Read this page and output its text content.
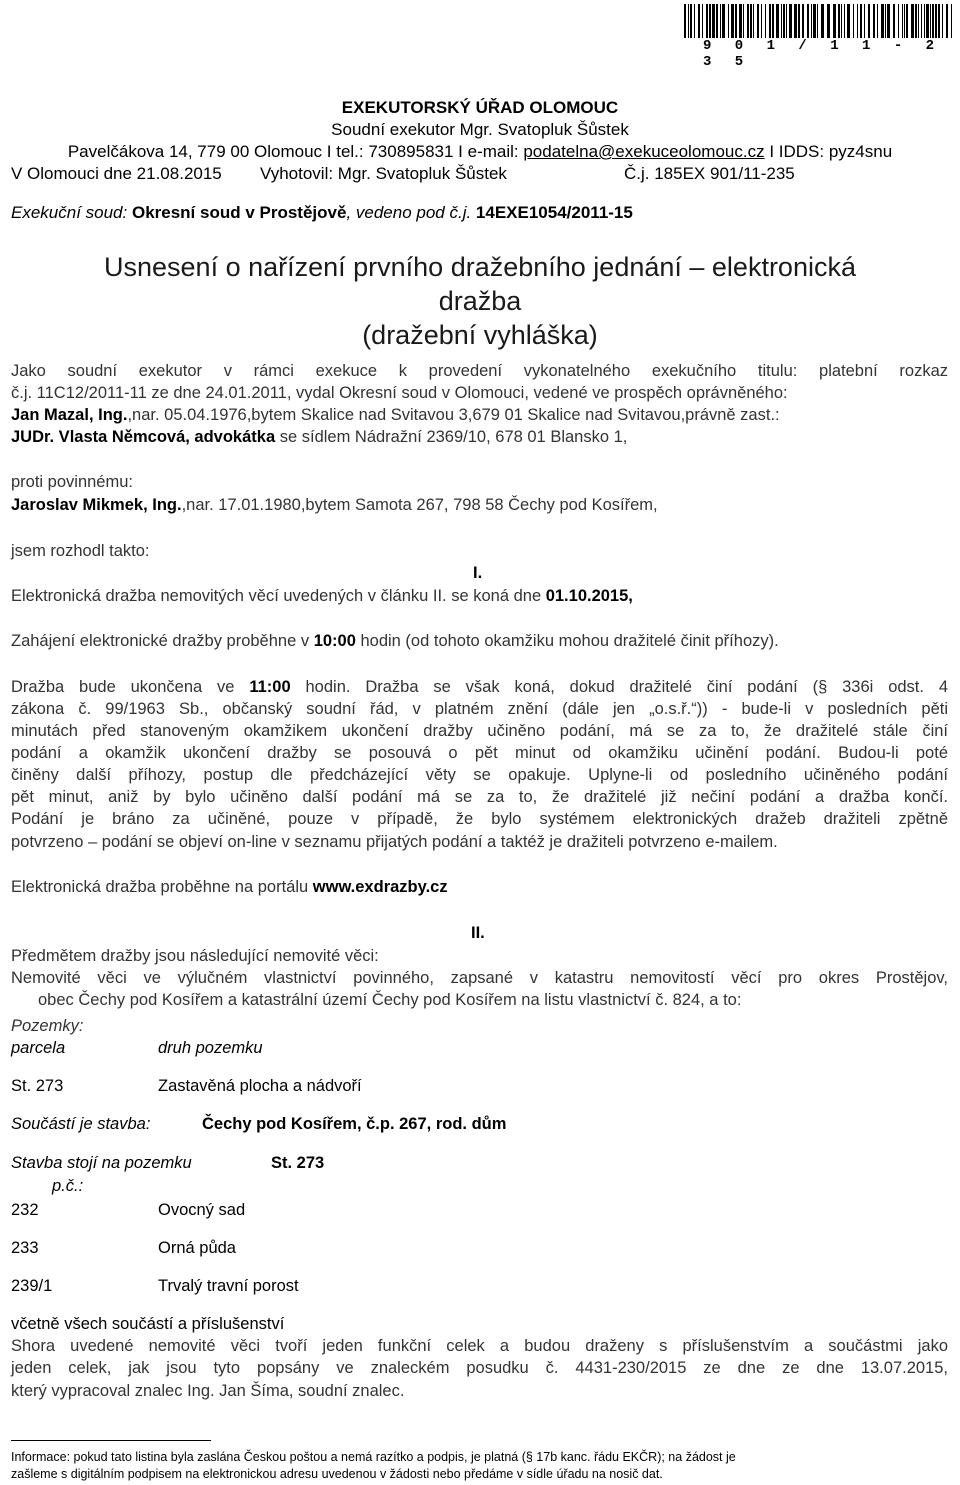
9 0 1 / 1 1 - 2 3 5
EXEKUTORSKÝ ÚŘAD OLOMOUC
Soudní exekutor Mgr. Svatopluk Šůstek
Pavelčákova 14, 779 00 Olomouc I tel.: 730895831 I e-mail: podatelna@exekuceolomouc.cz I IDDS: pyz4snu
V Olomouci dne 21.08.2015 Vyhotovil: Mgr. Svatopluk Šůstek	Č.j. 185EX 901/11-235
Exekuční soud: Okresní soud v Prostějově, vedeno pod č.j. 14EXE1054/2011-15
Usnesení o nařízení prvního dražebního jednání – elektronická
dražba
(dražební vyhláška)
Jako soudní exekutor v rámci exekuce k provedení vykonatelného exekučního titulu: platební rozkaz
č.j. 11C12/2011-11 ze dne 24.01.2011, vydal Okresní soud v Olomouci, vedené ve prospěch oprávněného:
Jan Mazal, Ing.,nar. 05.04.1976,bytem Skalice nad Svitavou 3,679 01 Skalice nad Svitavou,právně zast.:
JUDr. Vlasta Němcová, advokátka se sídlem Nádražní 2369/10, 678 01 Blansko 1,
proti povinnému:
Jaroslav Mikmek, Ing.,nar. 17.01.1980,bytem Samota 267, 798 58 Čechy pod Kosířem,
jsem rozhodl takto:
I.
Elektronická dražba nemovitých věcí uvedených v článku II. se koná dne 01.10.2015,
Zahájení elektronické dražby proběhne v 10:00 hodin (od tohoto okamžiku mohou dražitelé činit příhozy).
Dražba bude ukončena ve 11:00 hodin. Dražba se však koná, dokud dražitelé činí podání (§ 336i odst. 4
zákona č. 99/1963 Sb., občanský soudní řád, v platném znění (dále jen „o.s.ř.“)) - bude-li v posledních pěti
minutách před stanoveným okamžikem ukončení dražby učiněno podání, má se za to, že dražitelé stále činí
podání a okamžik ukončení dražby se posouvá o pět minut od okamžiku učinění podání. Budou-li poté
činěny další příhozy, postup dle předcházející věty se opakuje. Uplyne-li od posledního učiněného podání
pět minut, aniž by bylo učiněno další podání má se za to, že dražitelé již nečiní podání a dražba končí.
Podání je bráno za učiněné, pouze v případě, že bylo systémem elektronických dražeb dražiteli zpětně
potvrzeno – podání se objeví on-line v seznamu přijatých podání a taktéž je dražiteli potvrzeno e-mailem.
Elektronická dražba proběhne na portálu www.exdrazby.cz
II.
Předmětem dražby jsou následující nemovité věci:
Nemovité věci ve výlučném vlastnictví povinného, zapsané v katastru nemovitostí věcí pro okres Prostějov,
obec Čechy pod Kosířem a katastrální území Čechy pod Kosířem na listu vlastnictví č. 824, a to:
Pozemky:
parcela	druh pozemku
St. 273	Zastavěná plocha a nádvoří
Součástí je stavba:	Čechy pod Kosířem, č.p. 267, rod. dům
Stavba stojí na pozemku	St. 273
p.č.:
232	Ovocný sad
233	Orná půda
239/1	Trvalý travní porost
včetně všech součástí a příslušenství
Shora uvedené nemovité věci tvoří jeden funkční celek a budou draženy s příslušenstvím a součástmi jako
jeden celek, jak jsou tyto popsány ve znaleckém posudku č. 4431-230/2015 ze dne ze dne 13.07.2015,
který vypracoval znalec Ing. Jan Šíma, soudní znalec.
Informace: pokud tato listina byla zaslána Českou poštou a nemá razítko a podpis, je platná (§ 17b kanc. řádu EKČR); na žádost je
zašleme s digitálním podpisem na elektronickou adresu uvedenou v žádosti nebo předáme v sídle úřadu na nosič dat.
